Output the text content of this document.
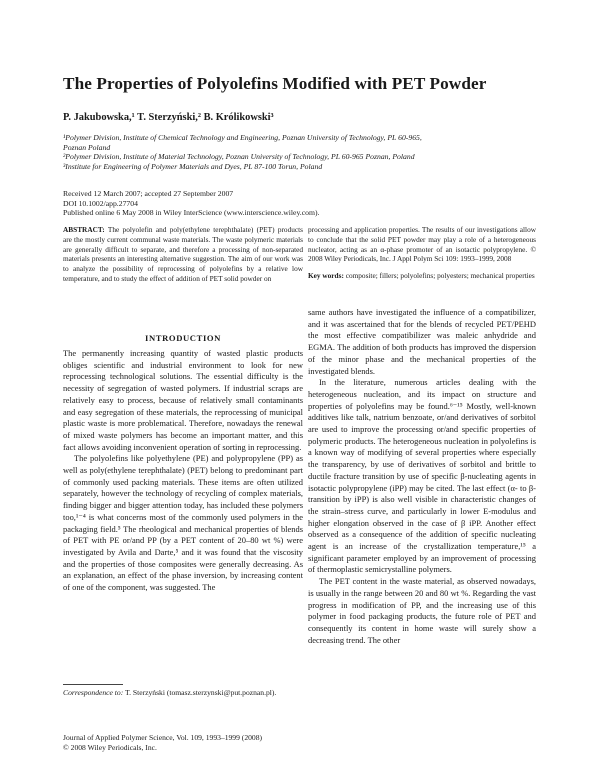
The Properties of Polyolefins Modified with PET Powder
P. Jakubowska,¹ T. Sterzyński,² B. Królikowski³
¹Polymer Division, Institute of Chemical Technology and Engineering, Poznan University of Technology, PL 60-965,
Poznan Poland
²Polymer Division, Institute of Material Technology, Poznan University of Technology, PL 60-965 Poznan, Poland
³Institute for Engineering of Polymer Materials and Dyes, PL 87-100 Torun, Poland
Received 12 March 2007; accepted 27 September 2007
DOI 10.1002/app.27704
Published online 6 May 2008 in Wiley InterScience (www.interscience.wiley.com).
ABSTRACT: The polyolefin and poly(ethylene terephthalate) (PET) products are the mostly current communal waste materials. The waste polymeric materials are generally difficult to separate, and therefore a processing of non-separated materials presents an interesting alternative suggestion. The aim of our work was to analyze the possibility of reprocessing of polyolefins by a relative low temperature, and to study the effect of addition of PET solid powder on
processing and application properties. The results of our investigations allow to conclude that the solid PET powder may play a role of a heterogeneous nucleator, acting as an α-phase promoter of an isotactic polypropylene. © 2008 Wiley Periodicals, Inc. J Appl Polym Sci 109: 1993–1999, 2008
Key words: composite; fillers; polyolefins; polyesters; mechanical properties
INTRODUCTION

The permanently increasing quantity of wasted plastic products obliges scientific and industrial environment to look for new reprocessing technological solutions. The essential difficulty is the necessity of segregation of wasted polymers. If industrial scraps are relatively easy to process, because of relatively small contaminants and easy segregation of these materials, the reprocessing of municipal plastic waste is more problematical. Therefore, nowadays the renewal of mixed waste polymers has become an important matter, and this fact allows avoiding inconvenient operation of sorting in reprocessing.

The polyolefins like polyethylene (PE) and polypropylene (PP) as well as poly(ethylene terephthalate) (PET) belong to predominant part of commonly used packing materials. These items are often utilized separately, however the technology of recycling of complex materials, finding bigger and bigger attention today, has included these polymers too,¹⁻⁴ is what concerns most of the commonly used polymers in the packaging field.⁵ The rheological and mechanical properties of blends of PET with PE or/and PP (by a PET content of 20–80 wt %) were investigated by Avila and Darte,⁵ and it was found that the viscosity and the properties of those composites were generally decreasing. As an explanation, an effect of the phase inversion, by increasing content of one of the component, was suggested. The

same authors have investigated the influence of a compatibilizer, and it was ascertained that for the blends of recycled PET/PEHD the most effective compatibilizer was maleic anhydride and EGMA. The addition of both products has improved the dispersion of the minor phase and the mechanical properties of the investigated blends.

In the literature, numerous articles dealing with the heterogeneous nucleation, and its impact on structure and properties of polyolefins may be found.⁶⁻¹⁵ Mostly, well-known additives like talk, natrium benzoate, or/and derivatives of sorbitol are used to improve the processing or/and specific properties of polymeric products. The heterogeneous nucleation in polyolefins is a known way of modifying of several properties where especially the transparency, by use of derivatives of sorbitol and brittle to ductile fracture transition by use of specific β-nucleating agents in isotactic polypropylene (iPP) may be cited. The last effect (α- to β-transition by iPP) is also well visible in characteristic changes of the strain–stress curve, and particularly in lower E-modulus and higher elongation observed in the case of β iPP. Another effect observed as a consequence of the addition of specific nucleating agent is an increase of the crystallization temperature,¹⁵ a significant parameter employed by an improvement of processing of thermoplastic semicrystalline polymers.

The PET content in the waste material, as observed nowadays, is usually in the range between 20 and 80 wt %. Regarding the vast progress in modification of PP, and the increasing use of this polymer in food packaging products, the future role of PET and consequently its content in home waste will surely show a decreasing trend. The other

Correspondence to: T. Sterzyński (tomasz.sterzynski@put.poznan.pl).
Journal of Applied Polymer Science, Vol. 109, 1993–1999 (2008)
© 2008 Wiley Periodicals, Inc.
